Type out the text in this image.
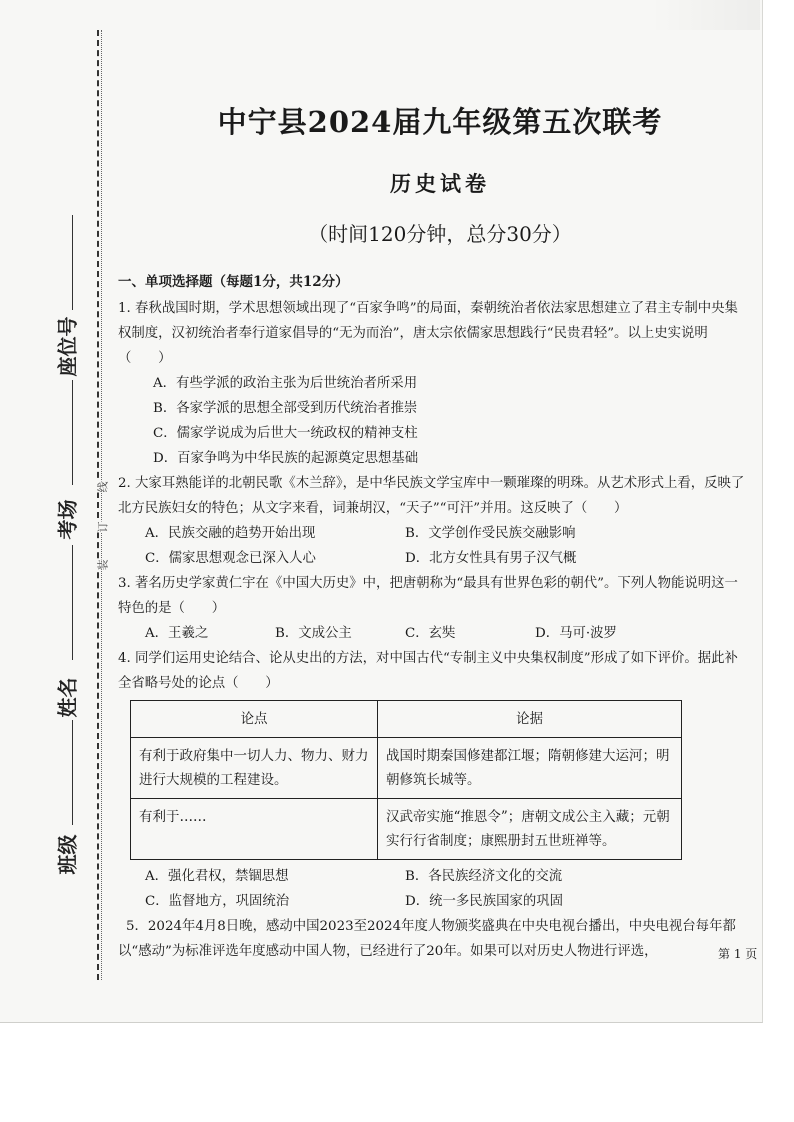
座位号
考场
姓名
班级
线
订
装
中宁县2024届九年级第五次联考
历史试卷
（时间120分钟，总分30分）
一、单项选择题（每题1分，共12分）
1. 春秋战国时期，学术思想领域出现了“百家争鸣”的局面，秦朝统治者依法家思想建立了君主专制中央集权制度，汉初统治者奉行道家倡导的“无为而治”，唐太宗依儒家思想践行“民贵君轻”。以上史实说明（　　）
A．有些学派的政治主张为后世统治者所采用
B．各家学派的思想全部受到历代统治者推崇
C．儒家学说成为后世大一统政权的精神支柱
D．百家争鸣为中华民族的起源奠定思想基础
2. 大家耳熟能详的北朝民歌《木兰辞》，是中华民族文学宝库中一颗璀璨的明珠。从艺术形式上看，反映了北方民族妇女的特色；从文字来看，词兼胡汉，“天子”“可汗”并用。这反映了（　　）
A．民族交融的趋势开始出现	B．文学创作受民族交融影响
C．儒家思想观念已深入人心	D．北方女性具有男子汉气概
3. 著名历史学家黄仁宇在《中国大历史》中，把唐朝称为“最具有世界色彩的朝代”。下列人物能说明这一特色的是（　　）
A．王羲之	B．文成公主	C．玄奘	D．马可·波罗
4. 同学们运用史论结合、论从史出的方法，对中国古代“专制主义中央集权制度”形成了如下评价。据此补全省略号处的论点（　　）
论点	论据
有利于政府集中一切人力、物力、财力进行大规模的工程建设。	战国时期秦国修建都江堰；隋朝修建大运河；明朝修筑长城等。
有利于……	汉武帝实施“推恩令”；唐朝文成公主入藏；元朝实行行省制度；康熙册封五世班禅等。
A．强化君权，禁锢思想	B．各民族经济文化的交流
C．监督地方，巩固统治	D．统一多民族国家的巩固
5．2024年4月8日晚，感动中国2023至2024年度人物颁奖盛典在中央电视台播出，中央电视台每年都以“感动”为标准评选年度感动中国人物，已经进行了20年。如果可以对历史人物进行评选，	第 1 页
